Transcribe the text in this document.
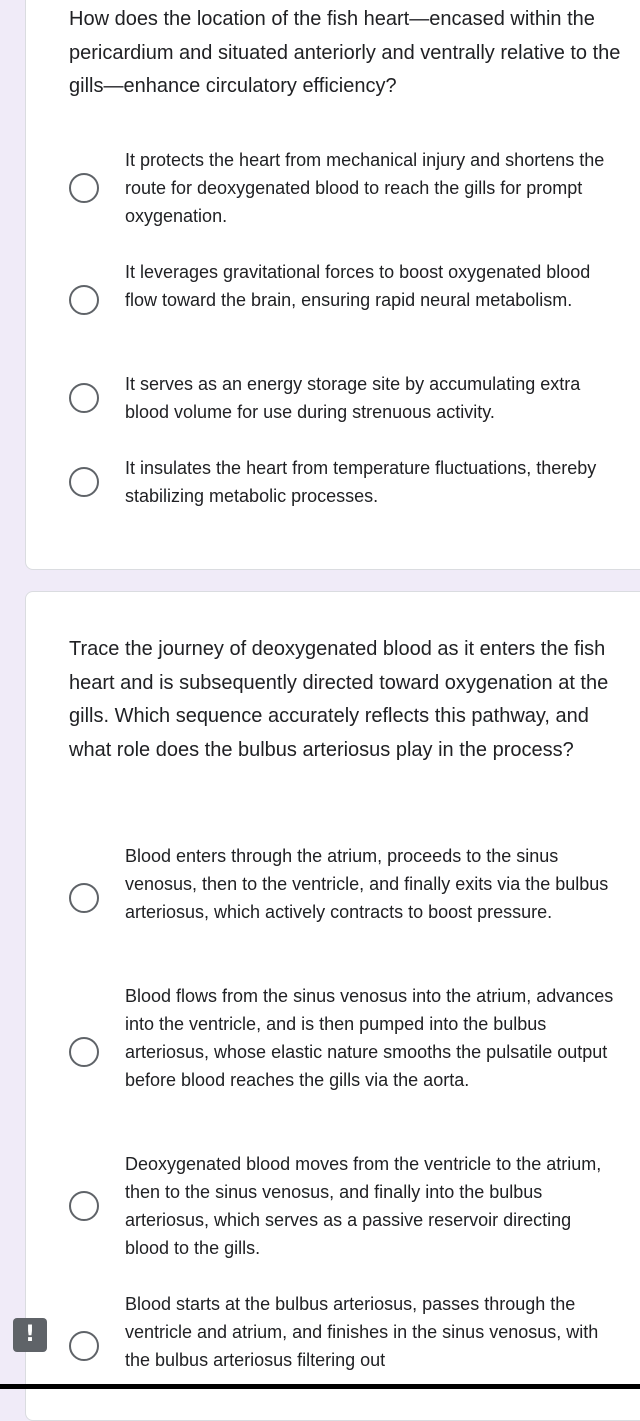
How does the location of the fish heart—encased within the pericardium and situated anteriorly and ventrally relative to the gills—enhance circulatory efficiency?

It protects the heart from mechanical injury and shortens the route for deoxygenated blood to reach the gills for prompt oxygenation.
It leverages gravitational forces to boost oxygenated blood flow toward the brain, ensuring rapid neural metabolism.
It serves as an energy storage site by accumulating extra blood volume for use during strenuous activity.
It insulates the heart from temperature fluctuations, thereby stabilizing metabolic processes.

Trace the journey of deoxygenated blood as it enters the fish heart and is subsequently directed toward oxygenation at the gills. Which sequence accurately reflects this pathway, and what role does the bulbus arteriosus play in the process?

Blood enters through the atrium, proceeds to the sinus venosus, then to the ventricle, and finally exits via the bulbus arteriosus, which actively contracts to boost pressure.
Blood flows from the sinus venosus into the atrium, advances into the ventricle, and is then pumped into the bulbus arteriosus, whose elastic nature smooths the pulsatile output before blood reaches the gills via the aorta.
Deoxygenated blood moves from the ventricle to the atrium, then to the sinus venosus, and finally into the bulbus arteriosus, which serves as a passive reservoir directing blood to the gills.
Blood starts at the bulbus arteriosus, passes through the ventricle and atrium, and finishes in the sinus venosus, with the bulbus arteriosus filtering out
!
